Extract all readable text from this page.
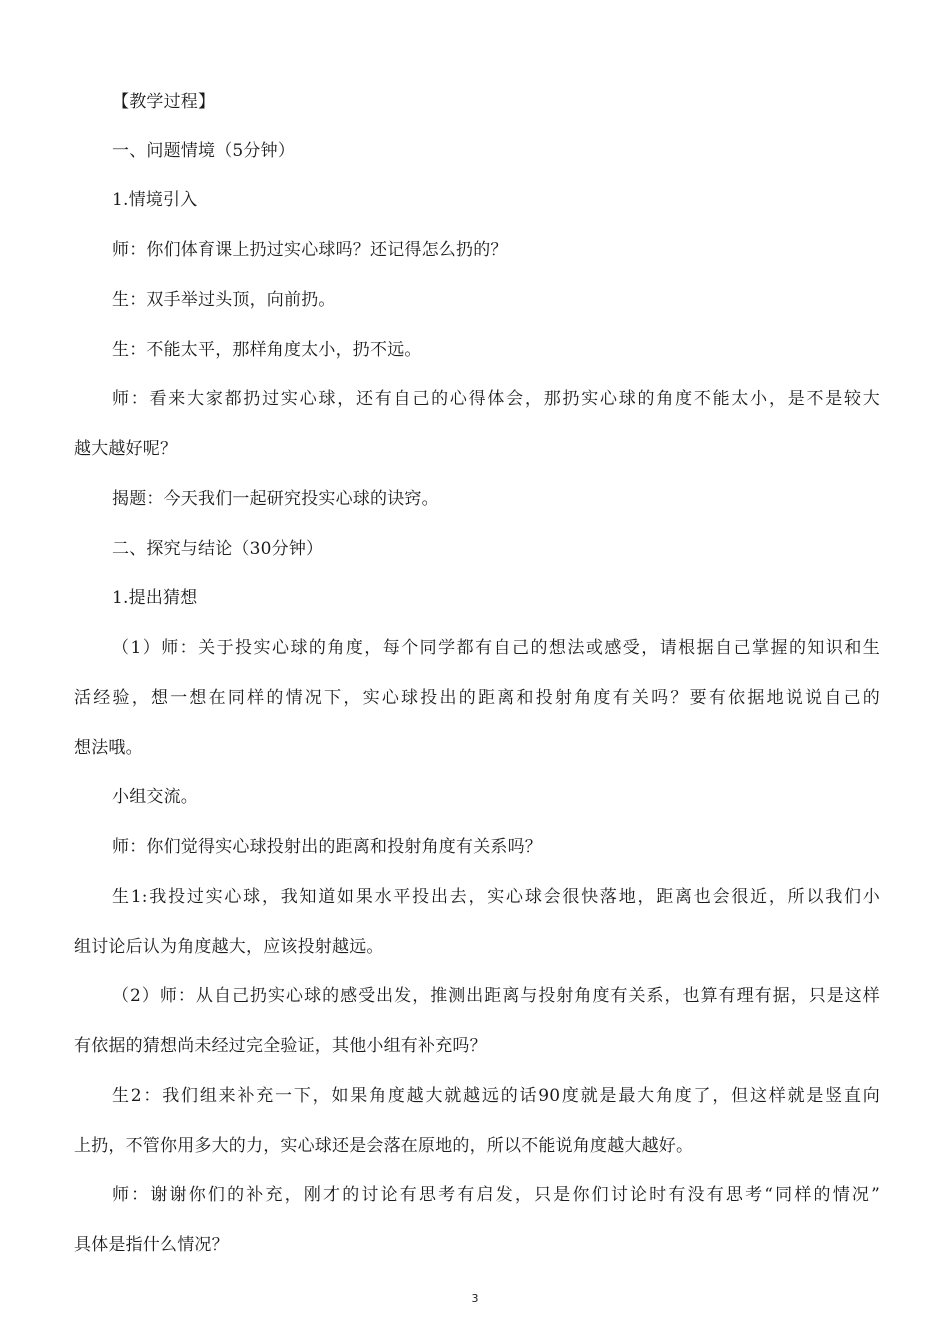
【教学过程】
一、问题情境（5分钟）
1.情境引入
师：你们体育课上扔过实心球吗？还记得怎么扔的？
生：双手举过头顶，向前扔。
生：不能太平，那样角度太小，扔不远。
师：看来大家都扔过实心球，还有自己的心得体会，那扔实心球的角度不能太小，是不是较大
越大越好呢？
揭题：今天我们一起研究投实心球的诀窍。
二、探究与结论（30分钟）
1.提出猜想
（1）师：关于投实心球的角度，每个同学都有自己的想法或感受，请根据自己掌握的知识和生
活经验，想一想在同样的情况下，实心球投出的距离和投射角度有关吗？要有依据地说说自己的
想法哦。
小组交流。
师：你们觉得实心球投射出的距离和投射角度有关系吗？
生1:我投过实心球，我知道如果水平投出去，实心球会很快落地，距离也会很近，所以我们小
组讨论后认为角度越大，应该投射越远。
（2）师：从自己扔实心球的感受出发，推测出距离与投射角度有关系，也算有理有据，只是这样
有依据的猜想尚未经过完全验证，其他小组有补充吗？
生2：我们组来补充一下，如果角度越大就越远的话90度就是最大角度了，但这样就是竖直向
上扔，不管你用多大的力，实心球还是会落在原地的，所以不能说角度越大越好。
师：谢谢你们的补充，刚才的讨论有思考有启发，只是你们讨论时有没有思考“同样的情况”
具体是指什么情况？
3
